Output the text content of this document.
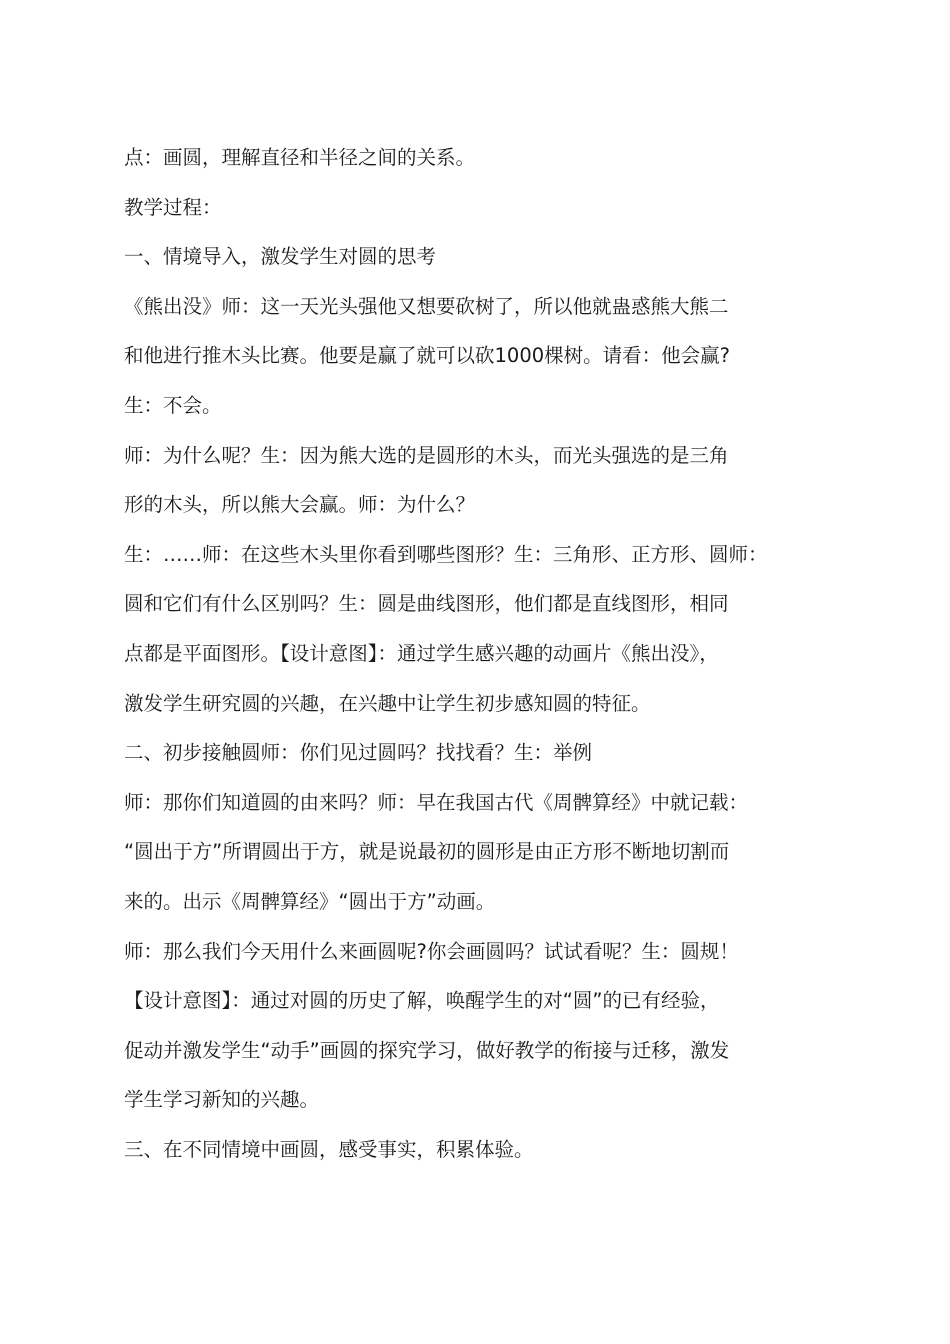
点：画圆，理解直径和半径之间的关系。
教学过程：
一、情境导入，激发学生对圆的思考
《熊出没》师：这一天光头强他又想要砍树了，所以他就蛊惑熊大熊二
和他进行推木头比赛。他要是赢了就可以砍1000棵树。请看：他会赢?
生：不会。
师：为什么呢？生：因为熊大选的是圆形的木头，而光头强选的是三角
形的木头，所以熊大会赢。师：为什么？
生：……师：在这些木头里你看到哪些图形？生：三角形、正方形、圆师：
圆和它们有什么区别吗？生：圆是曲线图形，他们都是直线图形，相同
点都是平面图形。【设计意图】：通过学生感兴趣的动画片《熊出没》，
激发学生研究圆的兴趣，在兴趣中让学生初步感知圆的特征。
二、初步接触圆师：你们见过圆吗？找找看？生：举例
师：那你们知道圆的由来吗？师：早在我国古代《周髀算经》中就记载：
“圆出于方”所谓圆出于方，就是说最初的圆形是由正方形不断地切割而
来的。出示《周髀算经》“圆出于方”动画。
师：那么我们今天用什么来画圆呢?你会画圆吗？试试看呢？生：圆规！
【设计意图】：通过对圆的历史了解，唤醒学生的对“圆”的已有经验，
促动并激发学生“动手”画圆的探究学习，做好教学的衔接与迁移，激发
学生学习新知的兴趣。
三、在不同情境中画圆，感受事实，积累体验。
